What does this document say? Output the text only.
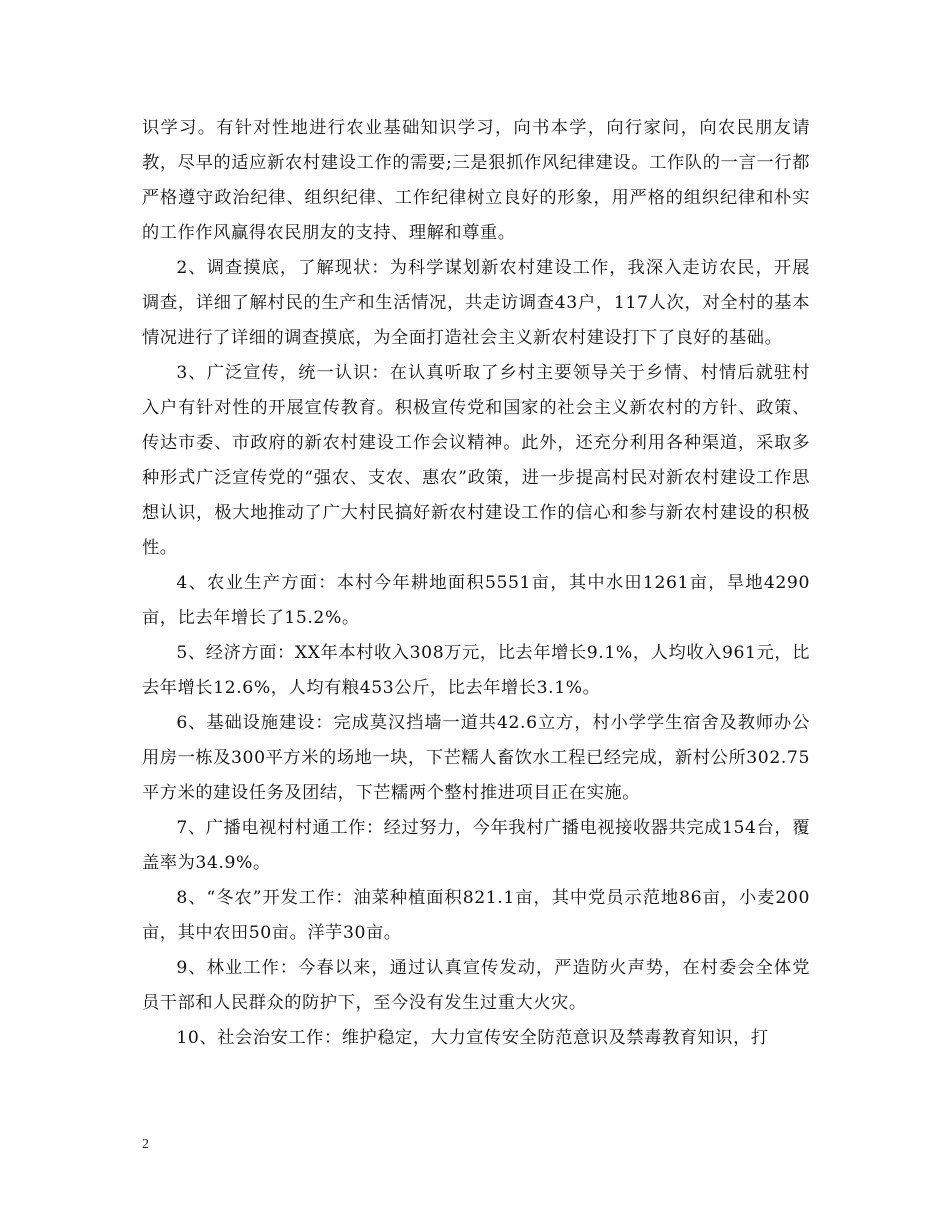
识学习。有针对性地进行农业基础知识学习，向书本学，向行家问，向农民朋友请教，尽早的适应新农村建设工作的需要;三是狠抓作风纪律建设。工作队的一言一行都严格遵守政治纪律、组织纪律、工作纪律树立良好的形象，用严格的组织纪律和朴实的工作作风赢得农民朋友的支持、理解和尊重。

2、调查摸底，了解现状：为科学谋划新农村建设工作，我深入走访农民，开展调查，详细了解村民的生产和生活情况，共走访调查43户，117人次，对全村的基本情况进行了详细的调查摸底，为全面打造社会主义新农村建设打下了良好的基础。

3、广泛宣传，统一认识：在认真听取了乡村主要领导关于乡情、村情后就驻村入户有针对性的开展宣传教育。积极宣传党和国家的社会主义新农村的方针、政策、传达市委、市政府的新农村建设工作会议精神。此外，还充分利用各种渠道，采取多种形式广泛宣传党的“强农、支农、惠农”政策，进一步提高村民对新农村建设工作思想认识，极大地推动了广大村民搞好新农村建设工作的信心和参与新农村建设的积极性。

4、农业生产方面：本村今年耕地面积5551亩，其中水田1261亩，旱地4290亩，比去年增长了15.2%。

5、经济方面：XX年本村收入308万元，比去年增长9.1%，人均收入961元，比去年增长12.6%，人均有粮453公斤，比去年增长3.1%。

6、基础设施建设：完成莫汉挡墙一道共42.6立方，村小学学生宿舍及教师办公用房一栋及300平方米的场地一块，下芒糯人畜饮水工程已经完成，新村公所302.75平方米的建设任务及团结，下芒糯两个整村推进项目正在实施。

7、广播电视村村通工作：经过努力，今年我村广播电视接收器共完成154台，覆盖率为34.9%。

8、“冬农”开发工作：油菜种植面积821.1亩，其中党员示范地86亩，小麦200亩，其中农田50亩。洋芋30亩。

9、林业工作：今春以来，通过认真宣传发动，严造防火声势，在村委会全体党员干部和人民群众的防护下，至今没有发生过重大火灾。

10、社会治安工作：维护稳定，大力宣传安全防范意识及禁毒教育知识，打

2
